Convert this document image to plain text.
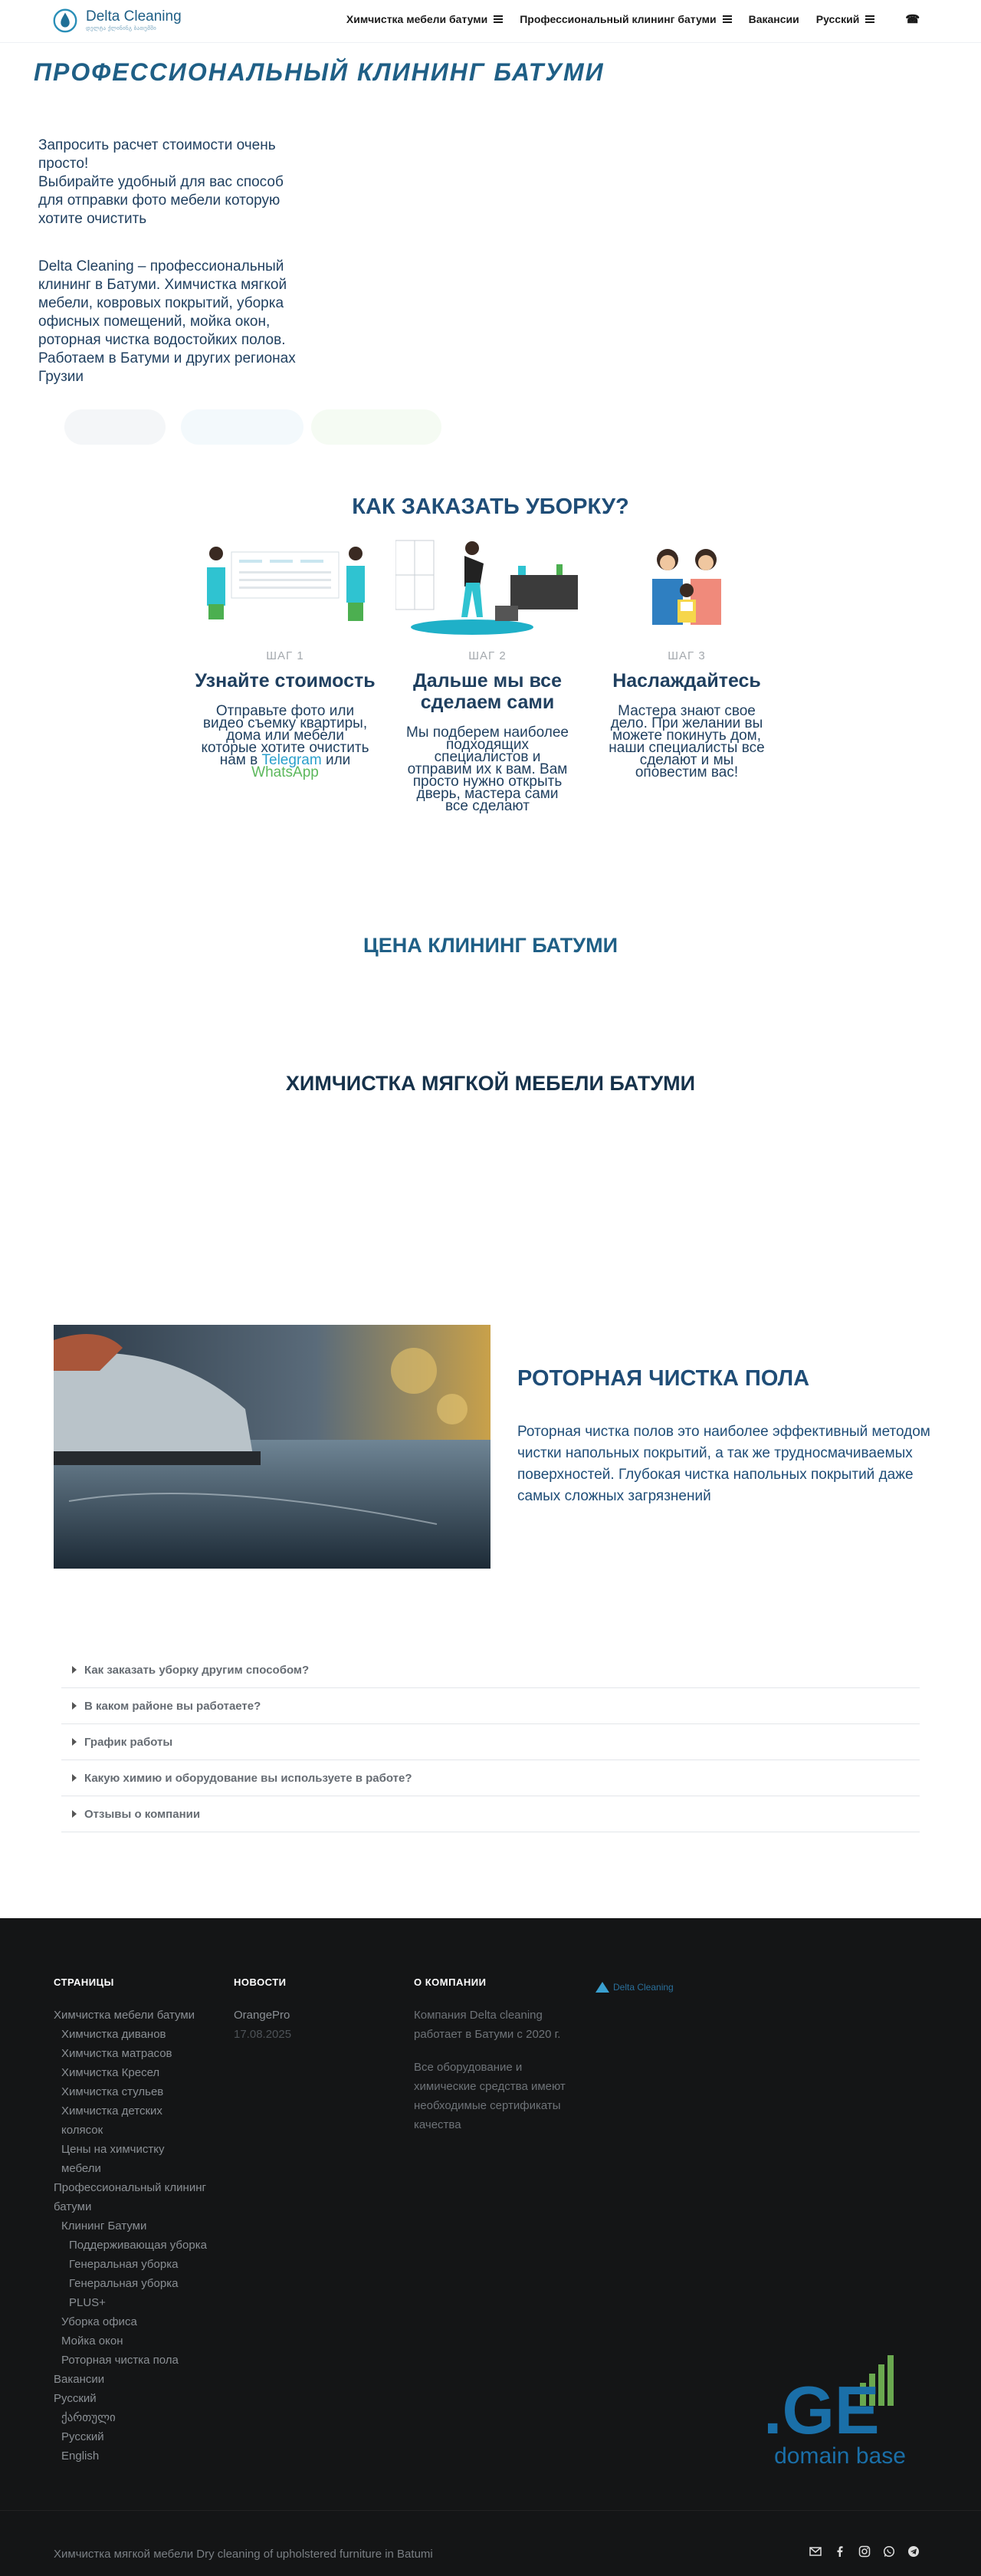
Delta Cleaning
დელტა ქლინინგ ბათუმში
Химчистка мебели батуми	Профессиональный клининг батуми	Вакансии Русский	☎
ПРОФЕССИОНАЛЬНЫЙ КЛИНИНГ БАТУМИ
Запросить расчет стоимости очень просто!
Выбирайте удобный для вас способ для отправки фото мебели которую хотите очистить
Delta Cleaning – профессиональный клининг в Батуми. Химчистка мягкой мебели, ковровых покрытий, уборка офисных помещений, мойка окон, роторная чистка водостойких полов. Работаем в Батуми и других регионах Грузии
КАК ЗАКАЗАТЬ УБОРКУ?
ШАГ 1
Узнайте стоимость
Отправьте фото или видео съемку квартиры, дома или мебели которые хотите очистить нам в Telegram или WhatsApp
ШАГ 2
Дальше мы все сделаем сами
Мы подберем наиболее подходящих специалистов и отправим их к вам. Вам просто нужно открыть дверь, мастера сами все сделают
ШАГ 3
Наслаждайтесь
Мастера знают свое дело. При желании вы можете покинуть дом, наши специалисты все сделают и мы оповестим вас!
ЦЕНА КЛИНИНГ БАТУМИ
ХИМЧИСТКА МЯГКОЙ МЕБЕЛИ БАТУМИ
РОТОРНАЯ ЧИСТКА ПОЛА
Роторная чистка полов это наиболее эффективный методом чистки напольных покрытий, а так же трудносмачиваемых поверхностей. Глубокая чистка напольных покрытий даже самых сложных загрязнений
Как заказать уборку другим способом?
В каком районе вы работаете?
График работы
Какую химию и оборудование вы используете в работе?
Отзывы о компании
СТРАНИЦЫ
Химчистка мебели батуми
Химчистка диванов
Химчистка матрасов
Химчистка Кресел
Химчистка стульев
Химчистка детских колясок
Цены на химчистку мебели
Профессиональный клининг батуми
Клининг Батуми
Поддерживающая уборка
Генеральная уборка
Генеральная уборка PLUS+
Уборка офиса
Мойка окон
Роторная чистка пола
Вакансии
Русский
ქართული
Русский
English
НОВОСТИ
OrangePro
17.08.2025
О КОМПАНИИ
Компания Delta cleaning работает в Батуми с 2020 г.
Все оборудование и химические средства имеют необходимые сертификаты качества
Delta Cleaning
.GE
domain base
Химчистка мягкой мебели Dry cleaning of upholstered furniture in Batumi
